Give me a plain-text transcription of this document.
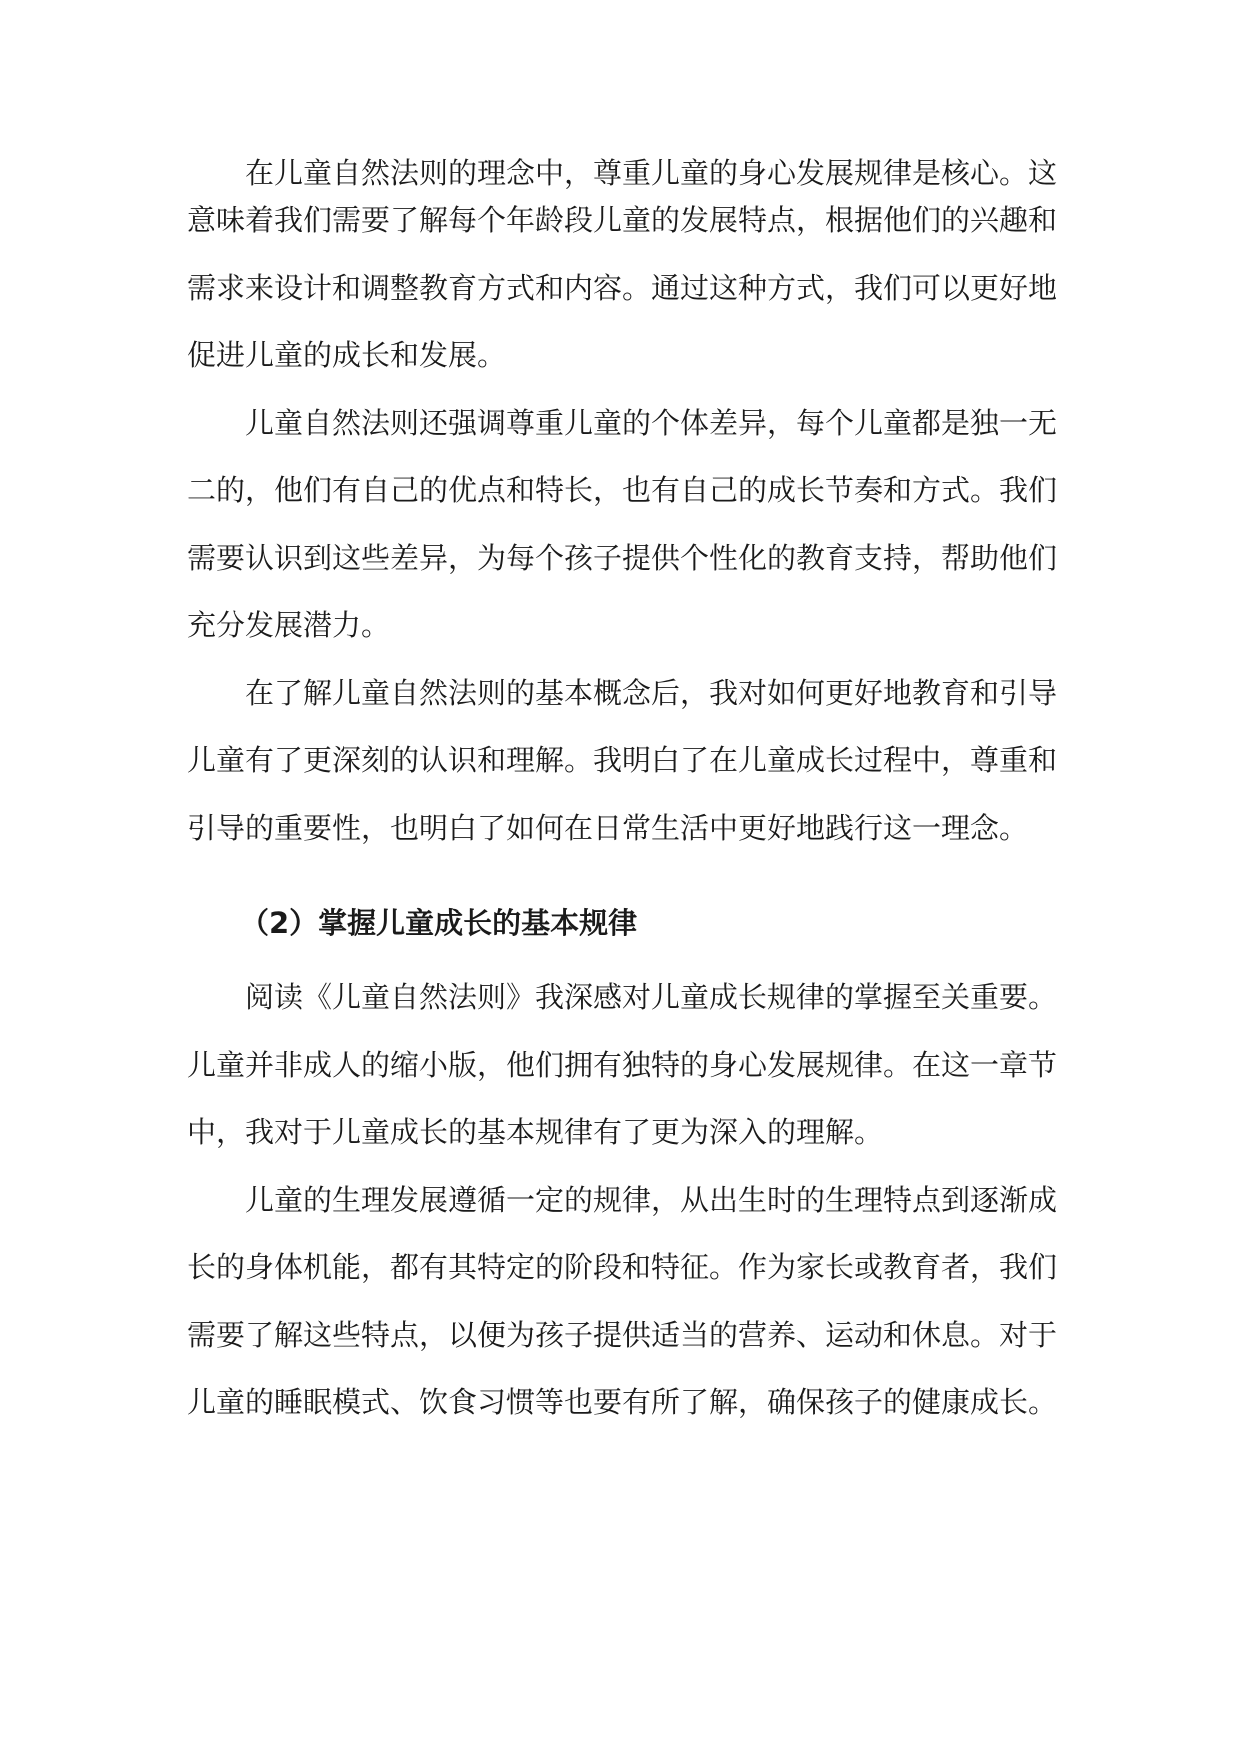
在儿童自然法则的理念中，尊重儿童的身心发展规律是核心。这
意味着我们需要了解每个年龄段儿童的发展特点，根据他们的兴趣和
需求来设计和调整教育方式和内容。通过这种方式，我们可以更好地
促进儿童的成长和发展。
儿童自然法则还强调尊重儿童的个体差异，每个儿童都是独一无
二的，他们有自己的优点和特长，也有自己的成长节奏和方式。我们
需要认识到这些差异，为每个孩子提供个性化的教育支持，帮助他们
充分发展潜力。
在了解儿童自然法则的基本概念后，我对如何更好地教育和引导
儿童有了更深刻的认识和理解。我明白了在儿童成长过程中，尊重和
引导的重要性，也明白了如何在日常生活中更好地践行这一理念。
（2）掌握儿童成长的基本规律
阅读《儿童自然法则》我深感对儿童成长规律的掌握至关重要。
儿童并非成人的缩小版，他们拥有独特的身心发展规律。在这一章节
中，我对于儿童成长的基本规律有了更为深入的理解。
儿童的生理发展遵循一定的规律，从出生时的生理特点到逐渐成
长的身体机能，都有其特定的阶段和特征。作为家长或教育者，我们
需要了解这些特点，以便为孩子提供适当的营养、运动和休息。对于
儿童的睡眠模式、饮食习惯等也要有所了解，确保孩子的健康成长。
